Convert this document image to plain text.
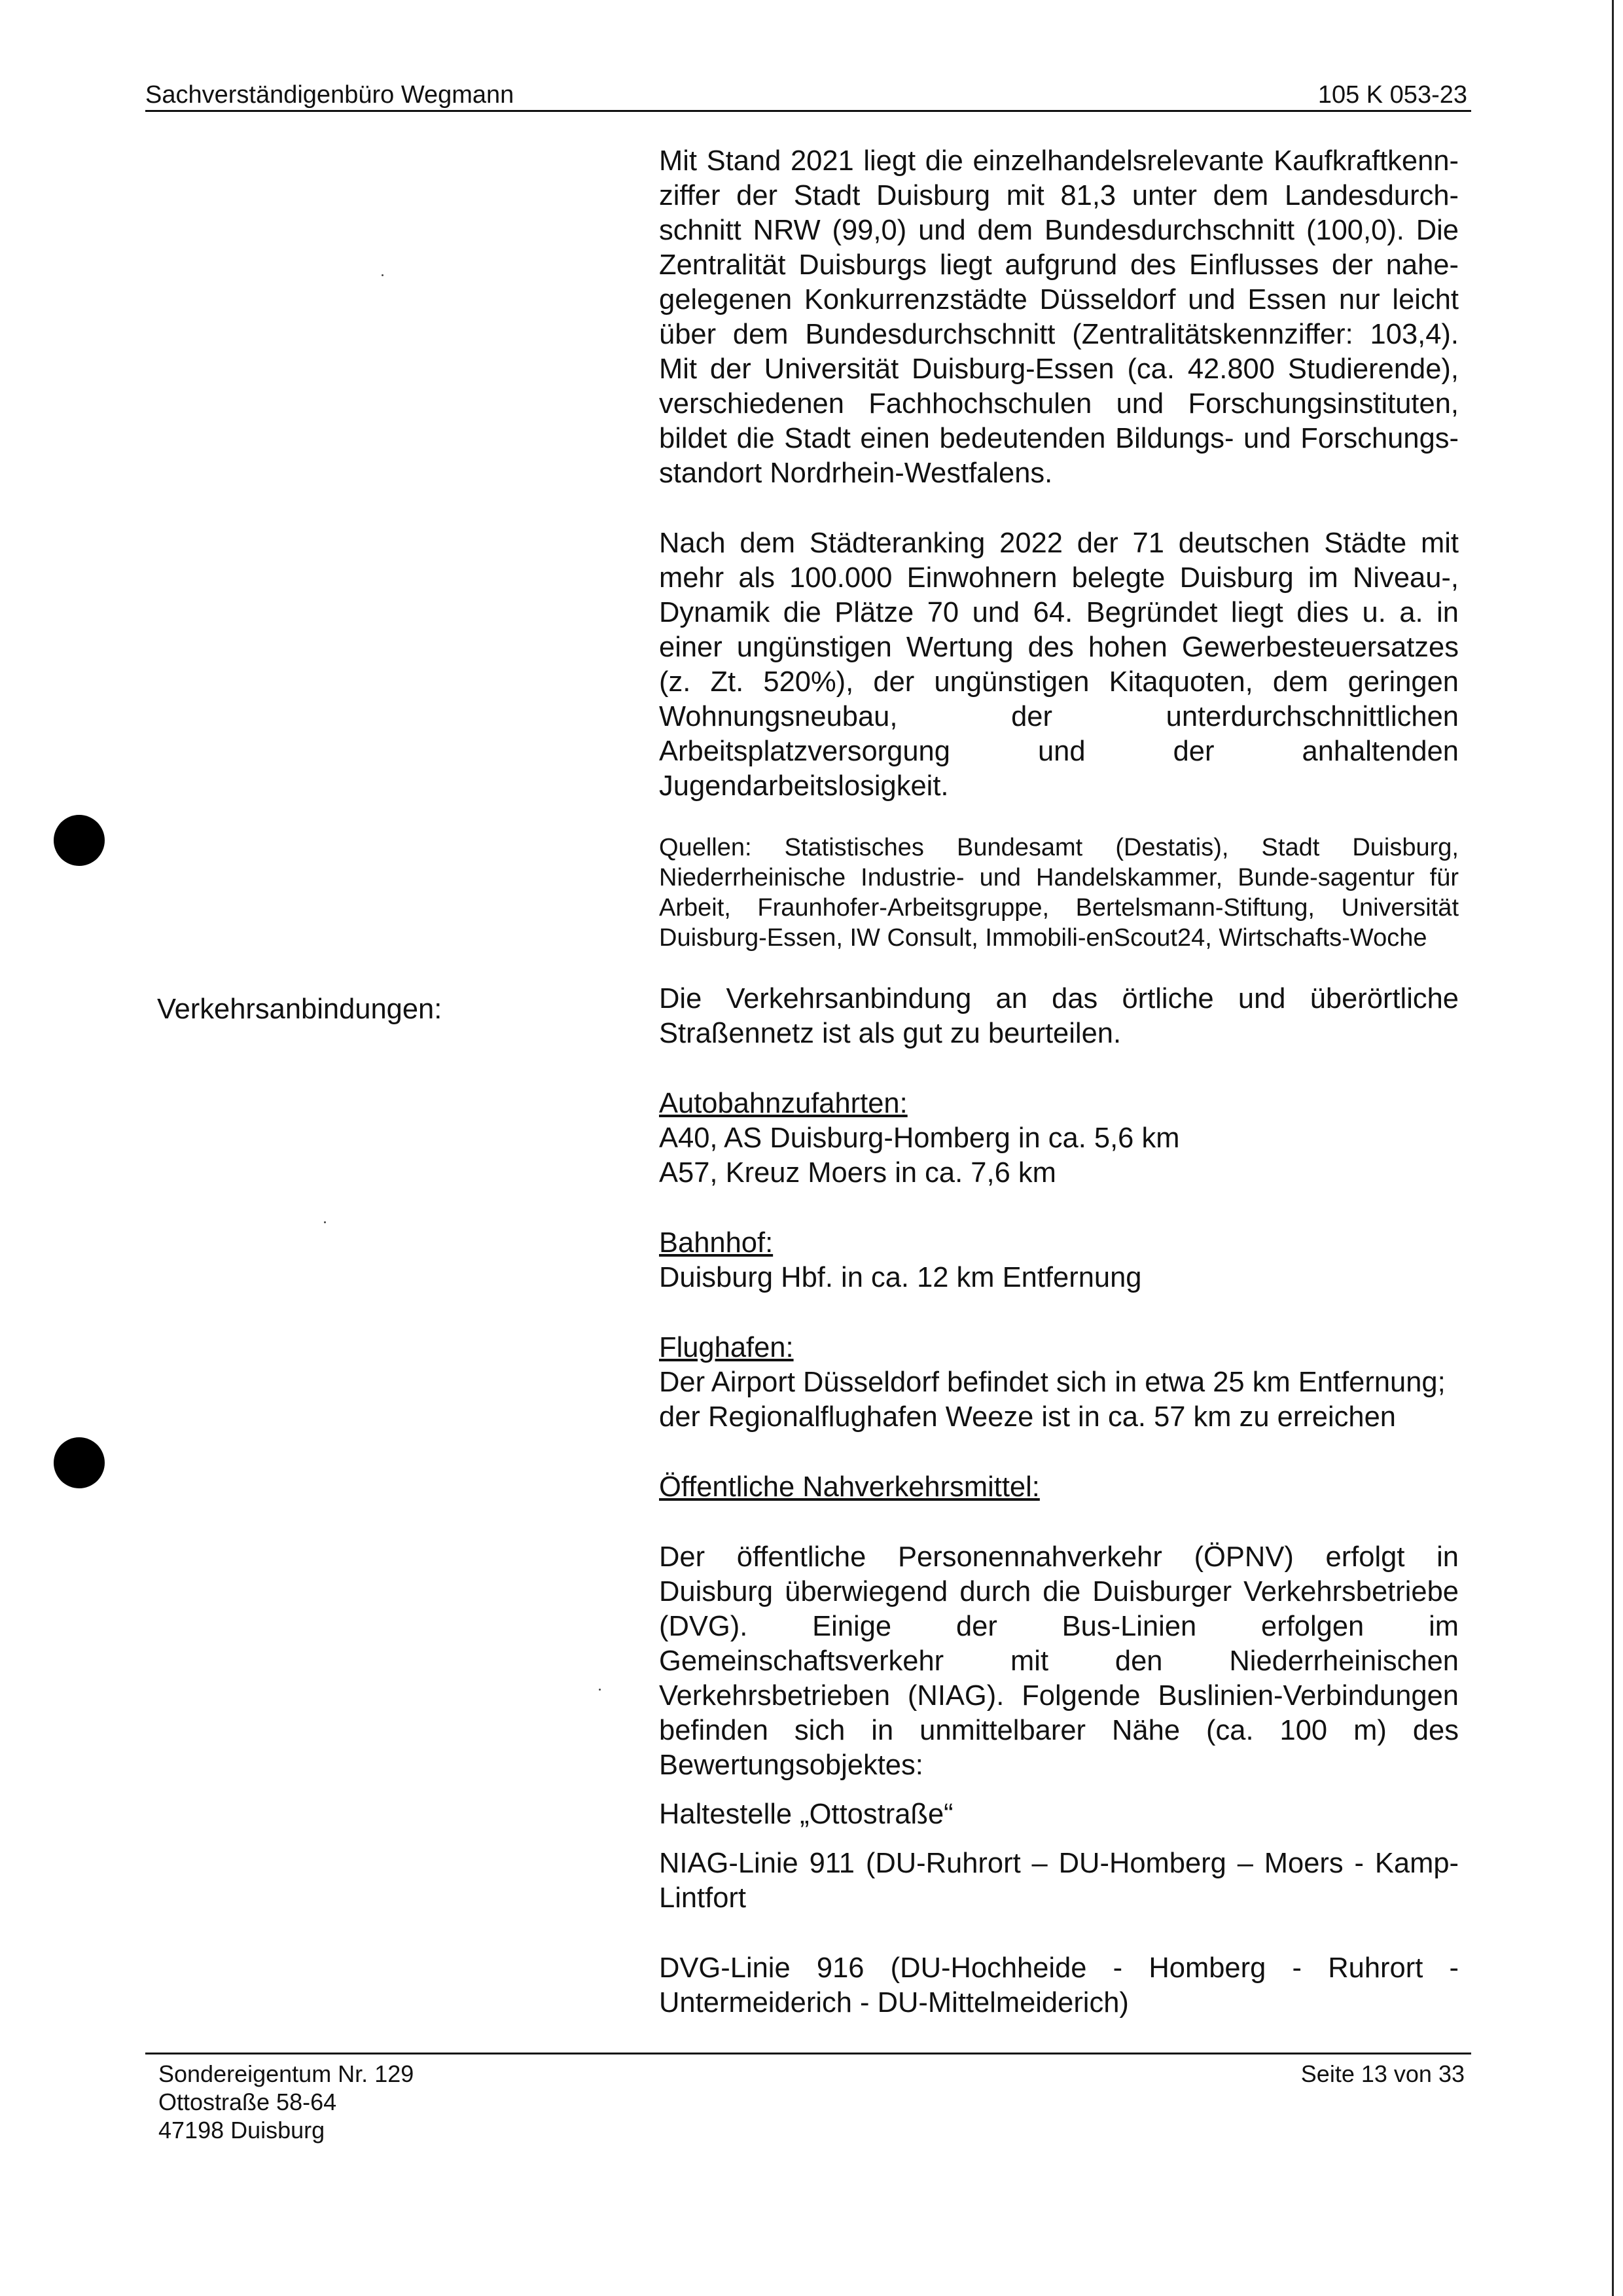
Sachverständigenbüro Wegmann	105 K 053-23
Verkehrsanbindungen:

Mit Stand 2021 liegt die einzelhandelsrelevante Kaufkraftkenn-ziffer der Stadt Duisburg mit 81,3 unter dem Landesdurch-schnitt NRW (99,0) und dem Bundesdurchschnitt (100,0). Die Zentralität Duisburgs liegt aufgrund des Einflusses der nahe-gelegenen Konkurrenzstädte Düsseldorf und Essen nur leicht über dem Bundesdurchschnitt (Zentralitätskennziffer: 103,4). Mit der Universität Duisburg-Essen (ca. 42.800 Studierende), verschiedenen Fachhochschulen und Forschungsinstituten, bildet die Stadt einen bedeutenden Bildungs- und Forschungs-standort Nordrhein-Westfalens.

Nach dem Städteranking 2022 der 71 deutschen Städte mit mehr als 100.000 Einwohnern belegte Duisburg im Niveau-, Dynamik die Plätze 70 und 64. Begründet liegt dies u. a. in einer ungünstigen Wertung des hohen Gewerbesteuersatzes (z. Zt. 520%), der ungünstigen Kitaquoten, dem geringen Wohnungsneubau, der unterdurchschnittlichen Arbeitsplatzversorgung und der anhaltenden Jugendarbeitslosigkeit.

Quellen: Statistisches Bundesamt (Destatis), Stadt Duisburg, Niederrheinische Industrie- und Handelskammer, Bunde-sagentur für Arbeit, Fraunhofer-Arbeitsgruppe, Bertelsmann-Stiftung, Universität Duisburg-Essen, IW Consult, Immobili-enScout24, Wirtschafts-Woche

Die Verkehrsanbindung an das örtliche und überörtliche Straßennetz ist als gut zu beurteilen.

Autobahnzufahrten:

A40, AS Duisburg-Homberg in ca. 5,6 km

A57, Kreuz Moers in ca. 7,6 km

Bahnhof:

Duisburg Hbf. in ca. 12 km Entfernung

Flughafen:

Der Airport Düsseldorf befindet sich in etwa 25 km Entfernung;

der Regionalflughafen Weeze ist in ca. 57 km zu erreichen

Öffentliche Nahverkehrsmittel:

Der öffentliche Personennahverkehr (ÖPNV) erfolgt in Duisburg überwiegend durch die Duisburger Verkehrsbetriebe (DVG). Einige der Bus-Linien erfolgen im Gemeinschaftsverkehr mit den Niederrheinischen Verkehrsbetrieben (NIAG). Folgende Buslinien-Verbindungen befinden sich in unmittelbarer Nähe (ca. 100 m) des Bewertungsobjektes:

Haltestelle „Ottostraße“

NIAG-Linie 911 (DU-Ruhrort – DU-Homberg – Moers - Kamp-Lintfort

DVG-Linie 916 (DU-Hochheide - Homberg - Ruhrort - Untermeiderich - DU-Mittelmeiderich)

Sondereigentum Nr. 129
Ottostraße 58-64
47198 Duisburg
Seite 13 von 33
